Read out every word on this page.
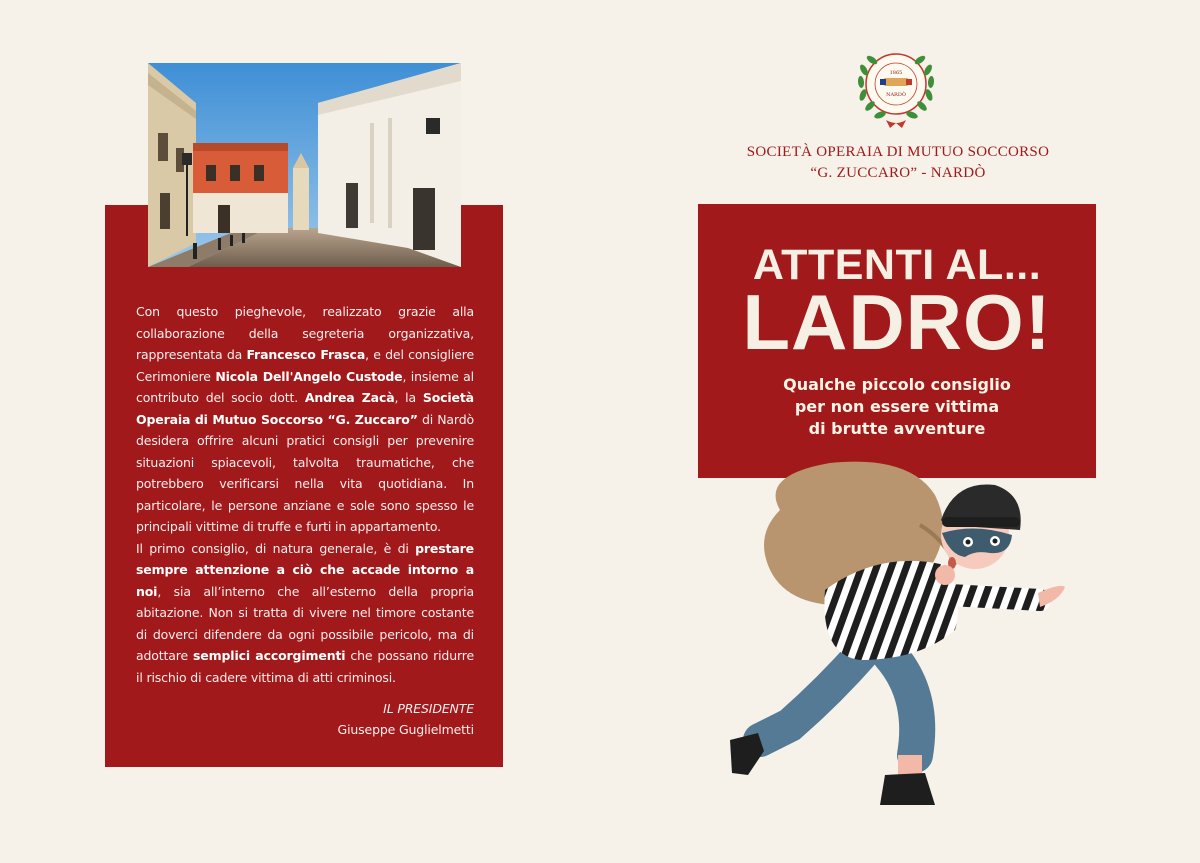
Con questo pieghevole, realizzato grazie alla collaborazione della segreteria organizzativa, rappresentata da Francesco Frasca, e del consigliere Cerimoniere Nicola Dell'Angelo Custode, insieme al contributo del socio dott. Andrea Zacà, la Società Operaia di Mutuo Soccorso “G. Zuccaro” di Nardò desidera offrire alcuni pratici consigli per prevenire situazioni spiacevoli, talvolta traumatiche, che potrebbero verificarsi nella vita quotidiana. In particolare, le persone anziane e sole sono spesso le principali vittime di truffe e furti in appartamento.

Il primo consiglio, di natura generale, è di prestare sempre attenzione a ciò che accade intorno a noi, sia all’interno che all’esterno della propria abitazione. Non si tratta di vivere nel timore costante di doverci difendere da ogni possibile pericolo, ma di adottare semplici accorgimenti che possano ridurre il rischio di cadere vittima di atti criminosi.

IL PRESIDENTE
Giuseppe Guglielmetti
1865
NARDÒ
SOCIETÀ OPERAIA DI MUTUO SOCCORSO
“G. ZUCCARO” - NARDÒ
ATTENTI AL...
LADRO!
Qualche piccolo consiglio
per non essere vittima
di brutte avventure
